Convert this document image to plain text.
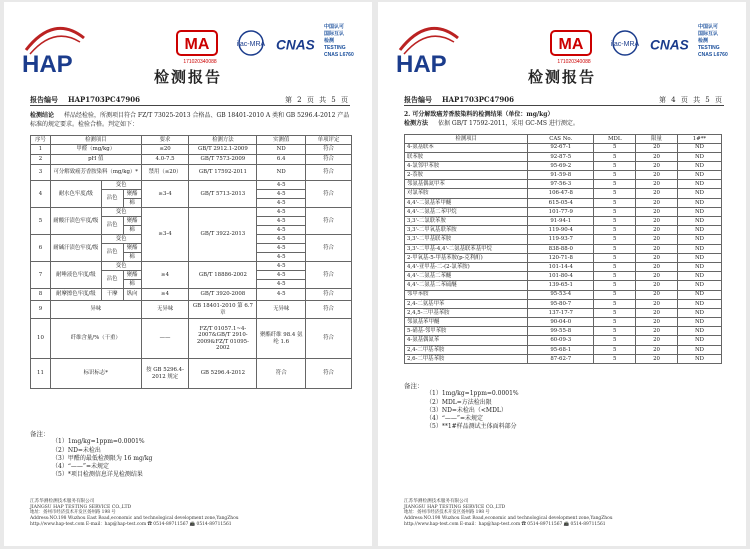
HAP
MA	ilac-MRA CNAS
171020340088
中国认可
国际互认
检测
TESTING
CNAS L6760
检测报告
报告编号 HAP1703PC47906	第 2 页 共 5 页
检测结论 样品经检验，所测项目符合 FZ/T 73025-2013 合格品、GB 18401-2010 A 类和 GB 5296.4-2012 产品标准的规定要求。检验合格。判定如下：
序号	检测项目			要求	检测方法	实测值	单项评定
1	甲醛（mg/kg）			≤20	GB/T 2912.1-2009	ND	符合
2	pH 值			4.0-7.5	GB/T 7573-2009	6.4	符合
3	可分解致癌芳香胺染料（mg/kg）*			禁用（≤20）	GB/T 17592-2011	ND	符合
4	耐水色牢度/级	变色		≥3-4	GB/T 5713-2013	4-5	符合
		沾色	聚酯			4-5	
			棉			4-5	
5	耐酸汗渍色牢度/级	变色		≥3-4	GB/T 3922-2013	4-5	符合
		沾色	聚酯			4-5	
			棉			4-5	
6	耐碱汗渍色牢度/级	变色				4-5	符合
		沾色	聚酯			4-5	
			棉			4-5	
7	耐唾液色牢度/级	变色		≥4	GB/T 18886-2002	4-5	符合
		沾色	聚酯			4-5	
			棉			4-5	
8	耐摩擦色牢度/级	干摩	纵向	≥4	GB/T 3920-2008	4-5	符合
9	异味			无异味	GB 18401-2010 第 6.7 章	无异味	符合
10	纤维含量/%（干重）			——	FZ/T 01057.1~4-2007&GB/T 2910-2009&FZ/T 01095-2002	聚酯纤维 98.4 氨纶 1.6	符合
11	标识标志*			按 GB 5296.4-2012 规定	GB 5296.4-2012	符合	符合
备注：
（1）1mg/kg=1ppm=0.0001%
（2）ND=未检出
（3）甲醛的最低检测限为 16 mg/kg
（4）“——”=未规定
（5）*项目检测信息详见检测结果
江苏华测检测技术服务有限公司
JIANGSU HAP TESTING SERVICE CO.,LTD
地址：扬州市经济技术开发区扬州路 198 号
Address:NO.198 Wuzhou East Road,economic and technological development zone,YangZhou
http://www.hap-test.com E-mail：hap@hap-test.com ☎ 0514-89711567 📠 0514-89711561
HAP
MA	ilac-MRA CNAS
171020340088
中国认可
国际互认
检测
TESTING
CNAS L6760
检测报告
报告编号 HAP1703PC47906	第 4 页 共 5 页
2. 可分解致癌芳香胺染料的检测结果（单位：mg/kg）
检测方法 依据 GB/T 17592-2011，采用 GC-MS 进行测定。
检测项目	CAS No.	MDL	限量	1#**
4-氨基联苯	92-67-1	5	20	ND
联苯胺	92-87-5	5	20	ND
4-氯邻甲苯胺	95-69-2	5	20	ND
2-萘胺	91-59-8	5	20	ND
邻氨基偶氮甲苯	97-56-3	5	20	ND
对氯苯胺	106-47-8	5	20	ND
4,4'-二氨基苯甲醚	615-05-4	5	20	ND
4,4'-二氨基二苯甲烷	101-77-9	5	20	ND
3,3'-二氯联苯胺	91-94-1	5	20	ND
3,3'-二甲氧基联苯胺	119-90-4	5	20	ND
3,3'-二甲基联苯胺	119-93-7	5	20	ND
3,3'-二甲基-4,4'-二氨基联苯基甲烷	838-88-0	5	20	ND
2-甲氧基-5-甲基苯胺(p-克利酊)	120-71-8	5	20	ND
4,4'-亚甲基-二-(2-氯苯胺)	101-14-4	5	20	ND
4,4'-二氨基二苯醚	101-80-4	5	20	ND
4,4'-二氨基二苯硫醚	139-65-1	5	20	ND
邻甲苯胺	95-53-4	5	20	ND
2,4-二氨基甲苯	95-80-7	5	20	ND
2,4,5-三甲基苯胺	137-17-7	5	20	ND
邻氨基苯甲醚	90-04-0	5	20	ND
5-硝基-邻甲苯胺	99-55-8	5	20	ND
4-氨基偶氮苯	60-09-3	5	20	ND
2,4-二甲基苯胺	95-68-1	5	20	ND
2,6-二甲基苯胺	87-62-7	5	20	ND
备注：
（1）1mg/kg=1ppm=0.0001%
（2）MDL=方法检出限
（3）ND=未检出（<MDL）
（4）“——”=未规定
（5）**1#样品测试主体面料部分
江苏华测检测技术服务有限公司
JIANGSU HAP TESTING SERVICE CO.,LTD
地址：扬州市经济技术开发区扬州路 198 号
Address:NO.198 Wuzhou East Road,economic and technological development zone,YangZhou
http://www.hap-test.com E-mail：hap@hap-test.com ☎ 0514-89711567 📠 0514-89711561
